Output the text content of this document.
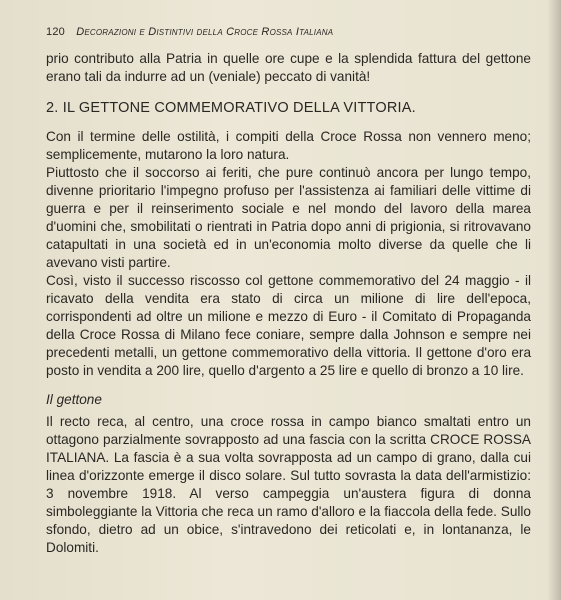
120 Decorazioni e Distintivi della Croce Rossa Italiana

prio contributo alla Patria in quelle ore cupe e la splendida fattura del gettone erano tali da indurre ad un (veniale) peccato di vanità!

2. IL GETTONE COMMEMORATIVO DELLA VITTORIA.

Con il termine delle ostilità, i compiti della Croce Rossa non vennero meno; semplicemente, mutarono la loro natura.

Piuttosto che il soccorso ai feriti, che pure continuò ancora per lungo tempo, divenne prioritario l'impegno profuso per l'assistenza ai familiari delle vittime di guerra e per il reinserimento sociale e nel mondo del lavoro della marea d'uomini che, smobilitati o rientrati in Patria dopo anni di prigionia, si ritrovavano catapultati in una società ed in un'economia molto diverse da quelle che li avevano visti partire.

Così, visto il successo riscosso col gettone commemorativo del 24 maggio - il ricavato della vendita era stato di circa un milione di lire dell'epoca, corrispondenti ad oltre un milione e mezzo di Euro - il Comitato di Propaganda della Croce Rossa di Milano fece coniare, sempre dalla Johnson e sempre nei precedenti metalli, un gettone commemorativo della vittoria. Il gettone d'oro era posto in vendita a 200 lire, quello d'argento a 25 lire e quello di bronzo a 10 lire.

Il gettone

Il recto reca, al centro, una croce rossa in campo bianco smaltati entro un ottagono parzialmente sovrapposto ad una fascia con la scritta CROCE ROSSA ITALIANA. La fascia è a sua volta sovrapposta ad un campo di grano, dalla cui linea d'orizzonte emerge il disco solare. Sul tutto sovrasta la data dell'armistizio: 3 novembre 1918. Al verso campeggia un'austera figura di donna simboleggiante la Vittoria che reca un ramo d'alloro e la fiaccola della fede. Sullo sfondo, dietro ad un obice, s'intravedono dei reticolati e, in lontananza, le Dolomiti.
